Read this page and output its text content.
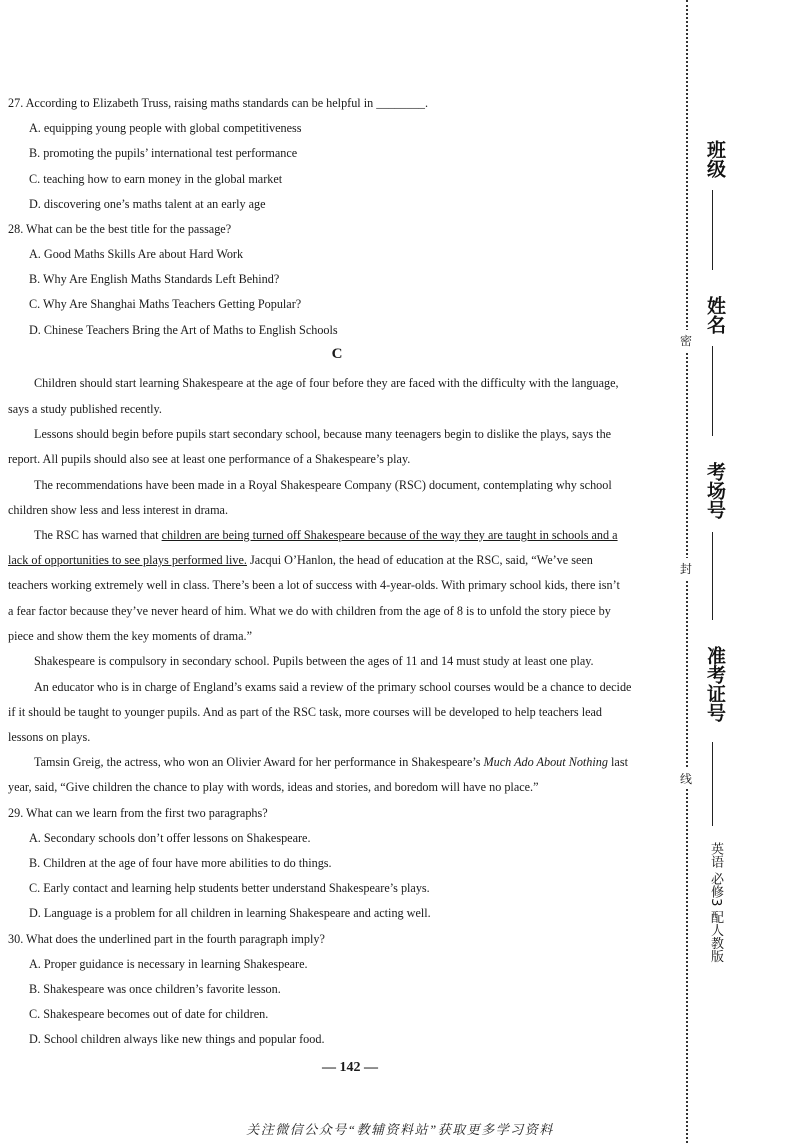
27. According to Elizabeth Truss, raising maths standards can be helpful in ________.
A. equipping young people with global competitiveness
B. promoting the pupils’ international test performance
C. teaching how to earn money in the global market
D. discovering one’s maths talent at an early age
28. What can be the best title for the passage?
A. Good Maths Skills Are about Hard Work
B. Why Are English Maths Standards Left Behind?
C. Why Are Shanghai Maths Teachers Getting Popular?
D. Chinese Teachers Bring the Art of Maths to English Schools
C
Children should start learning Shakespeare at the age of four before they are faced with the difficulty with the language,
says a study published recently.
Lessons should begin before pupils start secondary school, because many teenagers begin to dislike the plays, says the
report. All pupils should also see at least one performance of a Shakespeare’s play.
The recommendations have been made in a Royal Shakespeare Company (RSC) document, contemplating why school
children show less and less interest in drama.
The RSC has warned that children are being turned off Shakespeare because of the way they are taught in schools and a
lack of opportunities to see plays performed live. Jacqui O’Hanlon, the head of education at the RSC, said, “We’ve seen
teachers working extremely well in class. There’s been a lot of success with 4-year-olds. With primary school kids, there isn’t
a fear factor because they’ve never heard of him. What we do with children from the age of 8 is to unfold the story piece by
piece and show them the key moments of drama.”
Shakespeare is compulsory in secondary school. Pupils between the ages of 11 and 14 must study at least one play.
An educator who is in charge of England’s exams said a review of the primary school courses would be a chance to decide
if it should be taught to younger pupils. And as part of the RSC task, more courses will be developed to help teachers lead
lessons on plays.
Tamsin Greig, the actress, who won an Olivier Award for her performance in Shakespeare’s Much Ado About Nothing last
year, said, “Give children the chance to play with words, ideas and stories, and boredom will have no place.”
29. What can we learn from the first two paragraphs?
A. Secondary schools don’t offer lessons on Shakespeare.
B. Children at the age of four have more abilities to do things.
C. Early contact and learning help students better understand Shakespeare’s plays.
D. Language is a problem for all children in learning Shakespeare and acting well.
30. What does the underlined part in the fourth paragraph imply?
A. Proper guidance is necessary in learning Shakespeare.
B. Shakespeare was once children’s favorite lesson.
C. Shakespeare becomes out of date for children.
D. School children always like new things and popular food.
— 142 —
关注微信公众号“教辅资料站”获取更多学习资料
班级
姓名
考场号
准考证号
密
封
线
英语 必修3 配人教版
